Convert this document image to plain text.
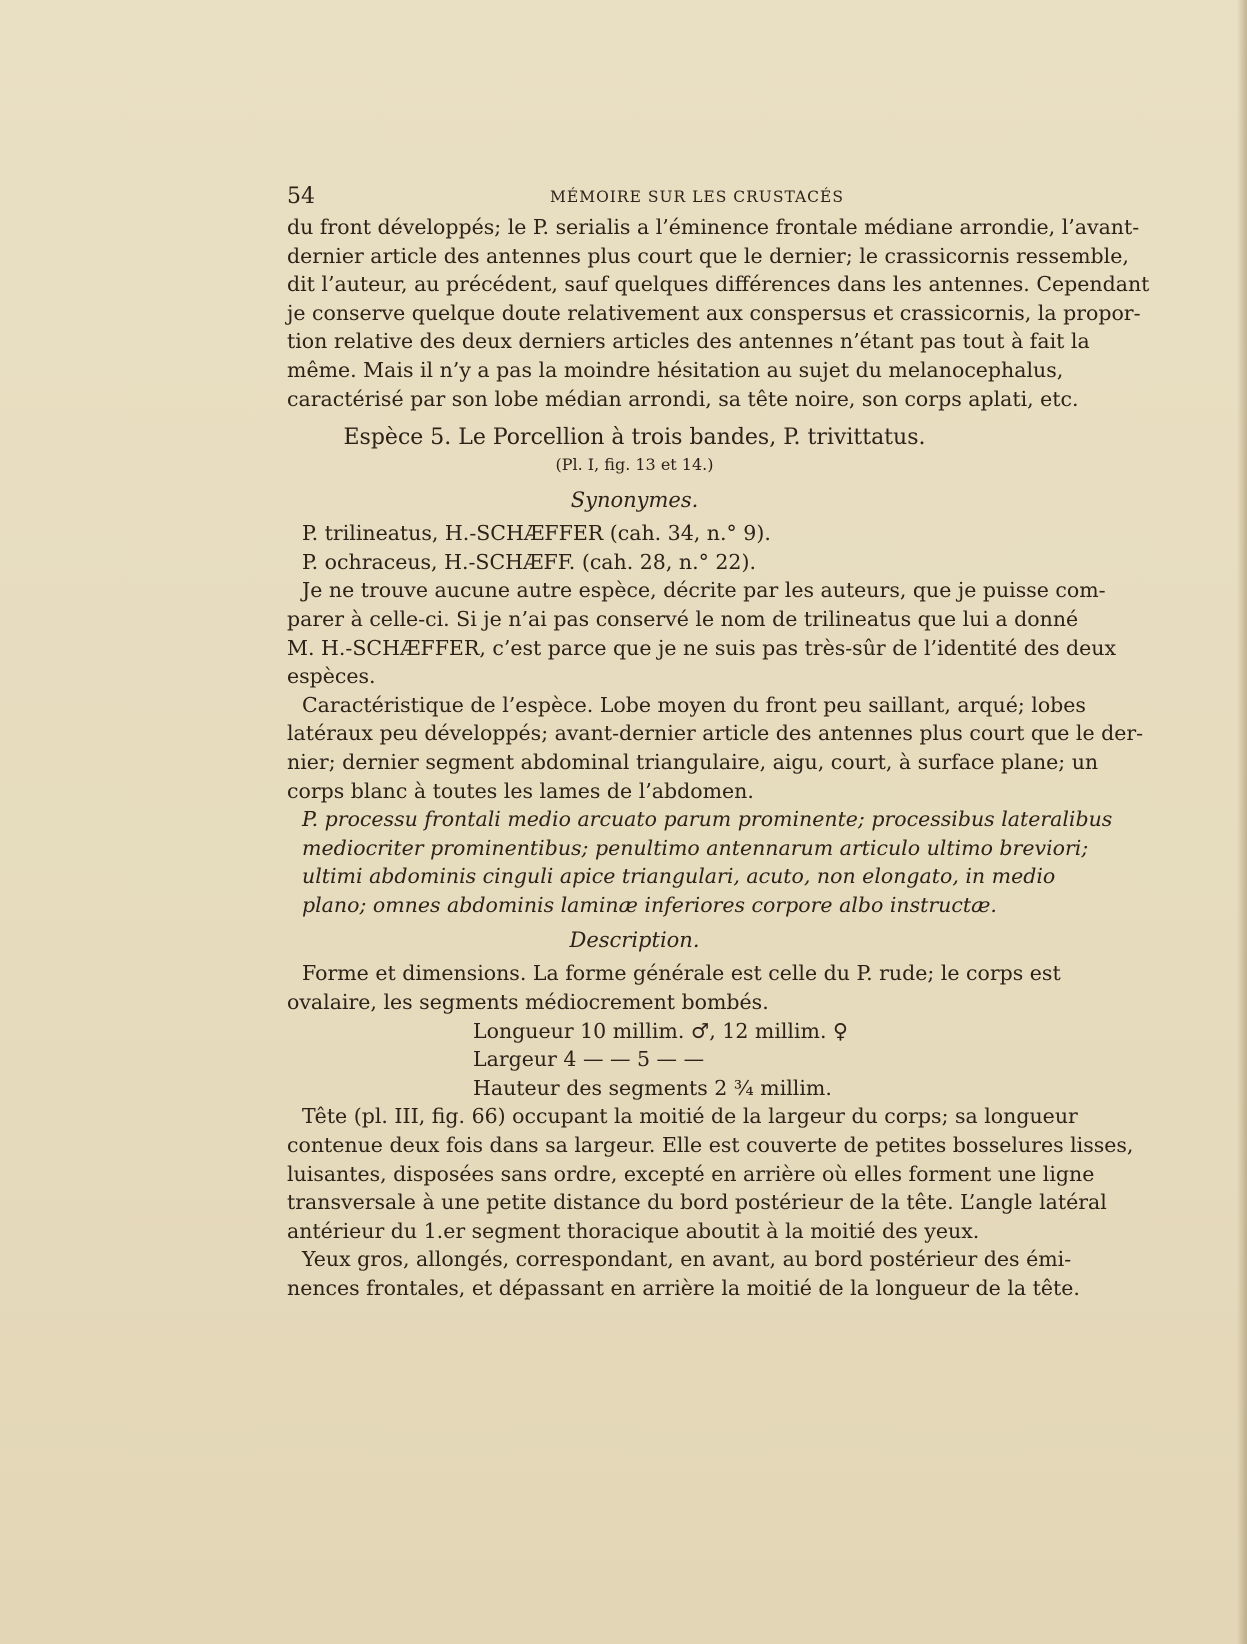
54	MÉMOIRE SUR LES CRUSTACÉS
du front développés; le P. serialis a l’éminence frontale médiane arrondie, l’avant-
dernier article des antennes plus court que le dernier; le crassicornis ressemble,
dit l’auteur, au précédent, sauf quelques différences dans les antennes. Cependant
je conserve quelque doute relativement aux conspersus et crassicornis, la propor-
tion relative des deux derniers articles des antennes n’étant pas tout à fait la
même. Mais il n’y a pas la moindre hésitation au sujet du melanocephalus,
caractérisé par son lobe médian arrondi, sa tête noire, son corps aplati, etc.
Espèce 5. Le Porcellion à trois bandes, P. trivittatus.
(Pl. I, fig. 13 et 14.)
Synonymes.
P. trilineatus, H.-SCHÆFFER (cah. 34, n.° 9).
P. ochraceus, H.-SCHÆFF. (cah. 28, n.° 22).
Je ne trouve aucune autre espèce, décrite par les auteurs, que je puisse com-
parer à celle-ci. Si je n’ai pas conservé le nom de trilineatus que lui a donné
M. H.-SCHÆFFER, c’est parce que je ne suis pas très-sûr de l’identité des deux
espèces.
Caractéristique de l’espèce. Lobe moyen du front peu saillant, arqué; lobes
latéraux peu développés; avant-dernier article des antennes plus court que le der-
nier; dernier segment abdominal triangulaire, aigu, court, à surface plane; un
corps blanc à toutes les lames de l’abdomen.
P. processu frontali medio arcuato parum prominente; processibus lateralibus
mediocriter prominentibus; penultimo antennarum articulo ultimo breviori;
ultimi abdominis cinguli apice triangulari, acuto, non elongato, in medio
plano; omnes abdominis laminæ inferiores corpore albo instructæ.
Description.
Forme et dimensions. La forme générale est celle du P. rude; le corps est
ovalaire, les segments médiocrement bombés.
Longueur 10 millim. ♂, 12 millim. ♀
Largeur 4 — — 5 — —
Hauteur des segments 2 ¾ millim.
Tête (pl. III, fig. 66) occupant la moitié de la largeur du corps; sa longueur
contenue deux fois dans sa largeur. Elle est couverte de petites bosselures lisses,
luisantes, disposées sans ordre, excepté en arrière où elles forment une ligne
transversale à une petite distance du bord postérieur de la tête. L’angle latéral
antérieur du 1.er segment thoracique aboutit à la moitié des yeux.
Yeux gros, allongés, correspondant, en avant, au bord postérieur des émi-
nences frontales, et dépassant en arrière la moitié de la longueur de la tête.
